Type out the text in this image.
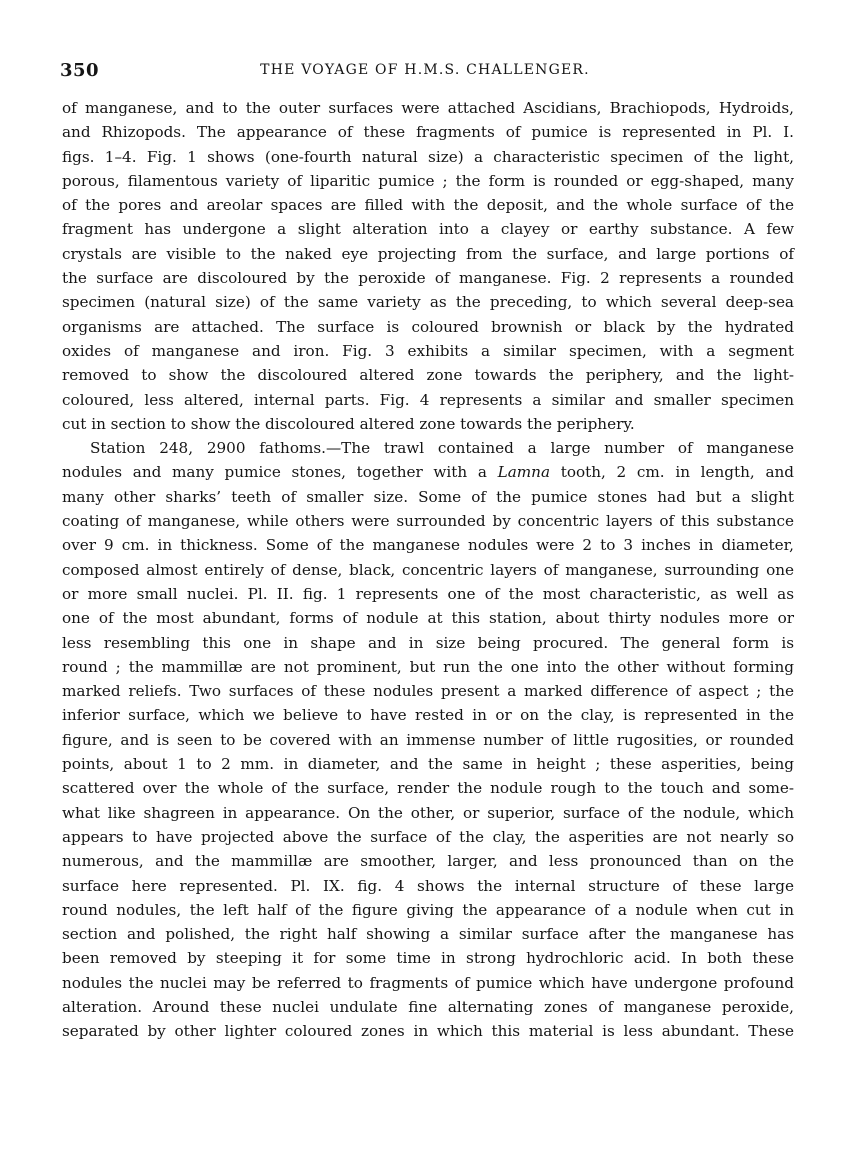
350	THE VOYAGE OF H.M.S. CHALLENGER.
of manganese, and to the outer surfaces were attached Ascidians, Brachiopods, Hydroids,
and Rhizopods. The appearance of these fragments of pumice is represented in Pl. I.
figs. 1–4. Fig. 1 shows (one-fourth natural size) a characteristic specimen of the light,
porous, filamentous variety of liparitic pumice ; the form is rounded or egg-shaped, many
of the pores and areolar spaces are filled with the deposit, and the whole surface of the
fragment has undergone a slight alteration into a clayey or earthy substance. A few
crystals are visible to the naked eye projecting from the surface, and large portions of
the surface are discoloured by the peroxide of manganese. Fig. 2 represents a rounded
specimen (natural size) of the same variety as the preceding, to which several deep-sea
organisms are attached. The surface is coloured brownish or black by the hydrated
oxides of manganese and iron. Fig. 3 exhibits a similar specimen, with a segment
removed to show the discoloured altered zone towards the periphery, and the light-
coloured, less altered, internal parts. Fig. 4 represents a similar and smaller specimen
cut in section to show the discoloured altered zone towards the periphery.
Station 248, 2900 fathoms.—The trawl contained a large number of manganese
nodules and many pumice stones, together with a Lamna tooth, 2 cm. in length, and
many other sharks’ teeth of smaller size. Some of the pumice stones had but a slight
coating of manganese, while others were surrounded by concentric layers of this substance
over 9 cm. in thickness. Some of the manganese nodules were 2 to 3 inches in diameter,
composed almost entirely of dense, black, concentric layers of manganese, surrounding one
or more small nuclei. Pl. II. fig. 1 represents one of the most characteristic, as well as
one of the most abundant, forms of nodule at this station, about thirty nodules more or
less resembling this one in shape and in size being procured. The general form is
round ; the mammillæ are not prominent, but run the one into the other without forming
marked reliefs. Two surfaces of these nodules present a marked difference of aspect ; the
inferior surface, which we believe to have rested in or on the clay, is represented in the
figure, and is seen to be covered with an immense number of little rugosities, or rounded
points, about 1 to 2 mm. in diameter, and the same in height ; these asperities, being
scattered over the whole of the surface, render the nodule rough to the touch and some-
what like shagreen in appearance. On the other, or superior, surface of the nodule, which
appears to have projected above the surface of the clay, the asperities are not nearly so
numerous, and the mammillæ are smoother, larger, and less pronounced than on the
surface here represented. Pl. IX. fig. 4 shows the internal structure of these large
round nodules, the left half of the figure giving the appearance of a nodule when cut in
section and polished, the right half showing a similar surface after the manganese has
been removed by steeping it for some time in strong hydrochloric acid. In both these
nodules the nuclei may be referred to fragments of pumice which have undergone profound
alteration. Around these nuclei undulate fine alternating zones of manganese peroxide,
separated by other lighter coloured zones in which this material is less abundant. These
